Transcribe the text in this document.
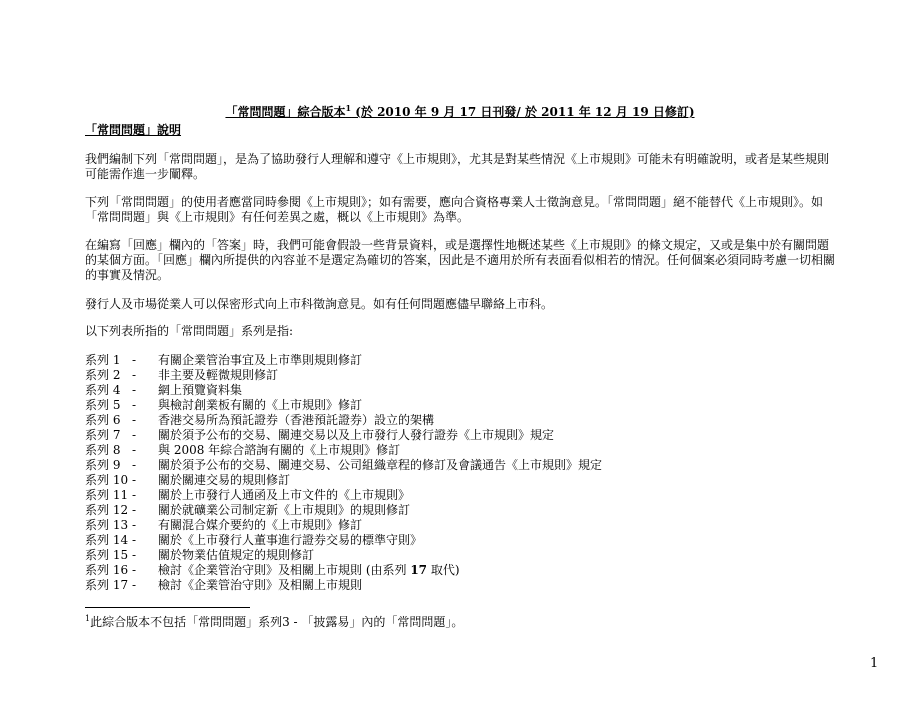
「常問問題」綜合版本$^1$ (於 2010 年 9 月 17 日刊發/ 於 2011 年 12 月 19 日修訂)
「常問問題」說明

我們編制下列「常問問題」，是為了協助發行人理解和遵守《上市規則》，尤其是對某些情況《上市規則》可能未有明確說明，或者是某些規則可能需作進一步闡釋。

下列「常問問題」的使用者應當同時參閱《上市規則》；如有需要，應向合資格專業人士徵詢意見。「常問問題」絕不能替代《上市規則》。如「常問問題」與《上市規則》有任何差異之處，概以《上市規則》為準。

在編寫「回應」欄內的「答案」時，我們可能會假設一些背景資料，或是選擇性地概述某些《上市規則》的條文規定，又或是集中於有關問題的某個方面。「回應」欄內所提供的內容並不是選定為確切的答案，因此是不適用於所有表面看似相若的情況。任何個案必須同時考慮一切相關的事實及情況。

發行人及市場從業人可以保密形式向上市科徵詢意見。如有任何問題應儘早聯絡上市科。

以下列表所指的「常問問題」系列是指:

系列 1 -	有關企業管治事宜及上市準則規則修訂
系列 2 -	非主要及輕微規則修訂
系列 4 -	網上預覽資料集
系列 5 -	與檢討創業板有關的《上市規則》修訂
系列 6 -	香港交易所為預託證券（香港預託證券）設立的架構
系列 7 -	關於須予公布的交易、關連交易以及上市發行人發行證券《上市規則》規定
系列 8 -	與 2008 年綜合諮詢有關的《上市規則》修訂
系列 9 -	關於須予公布的交易、關連交易、公司組織章程的修訂及會議通告《上市規則》規定
系列 10 -	關於關連交易的規則修訂
系列 11 -	關於上市發行人通函及上市文件的《上市規則》
系列 12 -	關於就礦業公司制定新《上市規則》的規則修訂
系列 13 -	有關混合媒介要約的《上市規則》修訂
系列 14 -	關於《上市發行人董事進行證券交易的標準守則》
系列 15 -	關於物業估值規定的規則修訂
系列 16 -	檢討《企業管治守則》及相關上市規則 (由系列 17 取代)
系列 17 -	檢討《企業管治守則》及相關上市規則
$^1$此綜合版本不包括「常問問題」系列3 - 「披露易」內的「常問問題」。
1
